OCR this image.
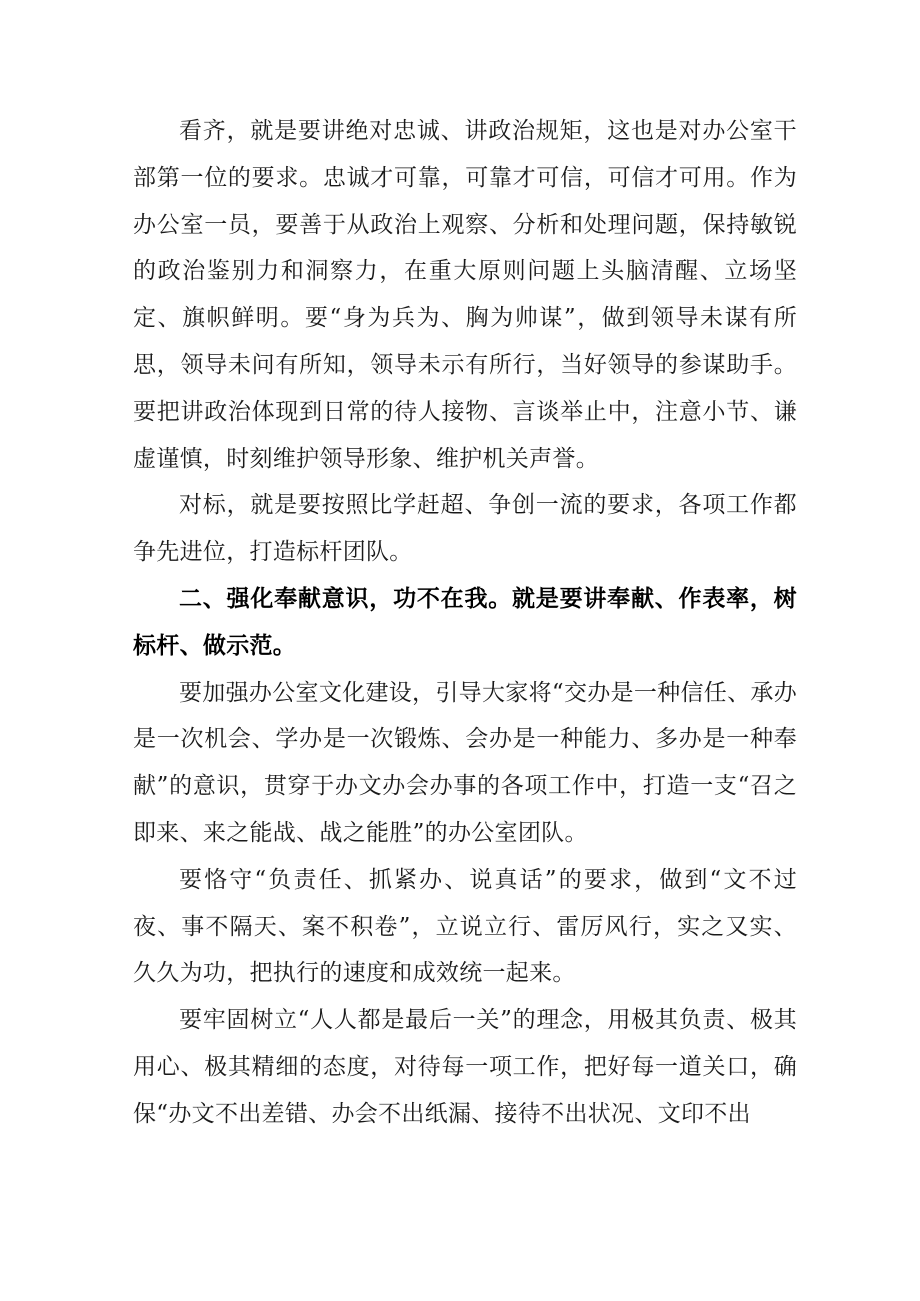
看齐，就是要讲绝对忠诚、讲政治规矩，这也是对办公室干部第一位的要求。忠诚才可靠，可靠才可信，可信才可用。作为办公室一员，要善于从政治上观察、分析和处理问题，保持敏锐的政治鉴别力和洞察力，在重大原则问题上头脑清醒、立场坚定、旗帜鲜明。要“身为兵为、胸为帅谋”，做到领导未谋有所思，领导未问有所知，领导未示有所行，当好领导的参谋助手。要把讲政治体现到日常的待人接物、言谈举止中，注意小节、谦虚谨慎，时刻维护领导形象、维护机关声誉。

对标，就是要按照比学赶超、争创一流的要求，各项工作都争先进位，打造标杆团队。

二、强化奉献意识，功不在我。就是要讲奉献、作表率，树标杆、做示范。

要加强办公室文化建设，引导大家将“交办是一种信任、承办是一次机会、学办是一次锻炼、会办是一种能力、多办是一种奉献”的意识，贯穿于办文办会办事的各项工作中，打造一支“召之即来、来之能战、战之能胜”的办公室团队。

要恪守“负责任、抓紧办、说真话”的要求，做到“文不过夜、事不隔天、案不积卷”，立说立行、雷厉风行，实之又实、久久为功，把执行的速度和成效统一起来。

要牢固树立“人人都是最后一关”的理念，用极其负责、极其用心、极其精细的态度，对待每一项工作，把好每一道关口，确保“办文不出差错、办会不出纸漏、接待不出状况、文印不出
